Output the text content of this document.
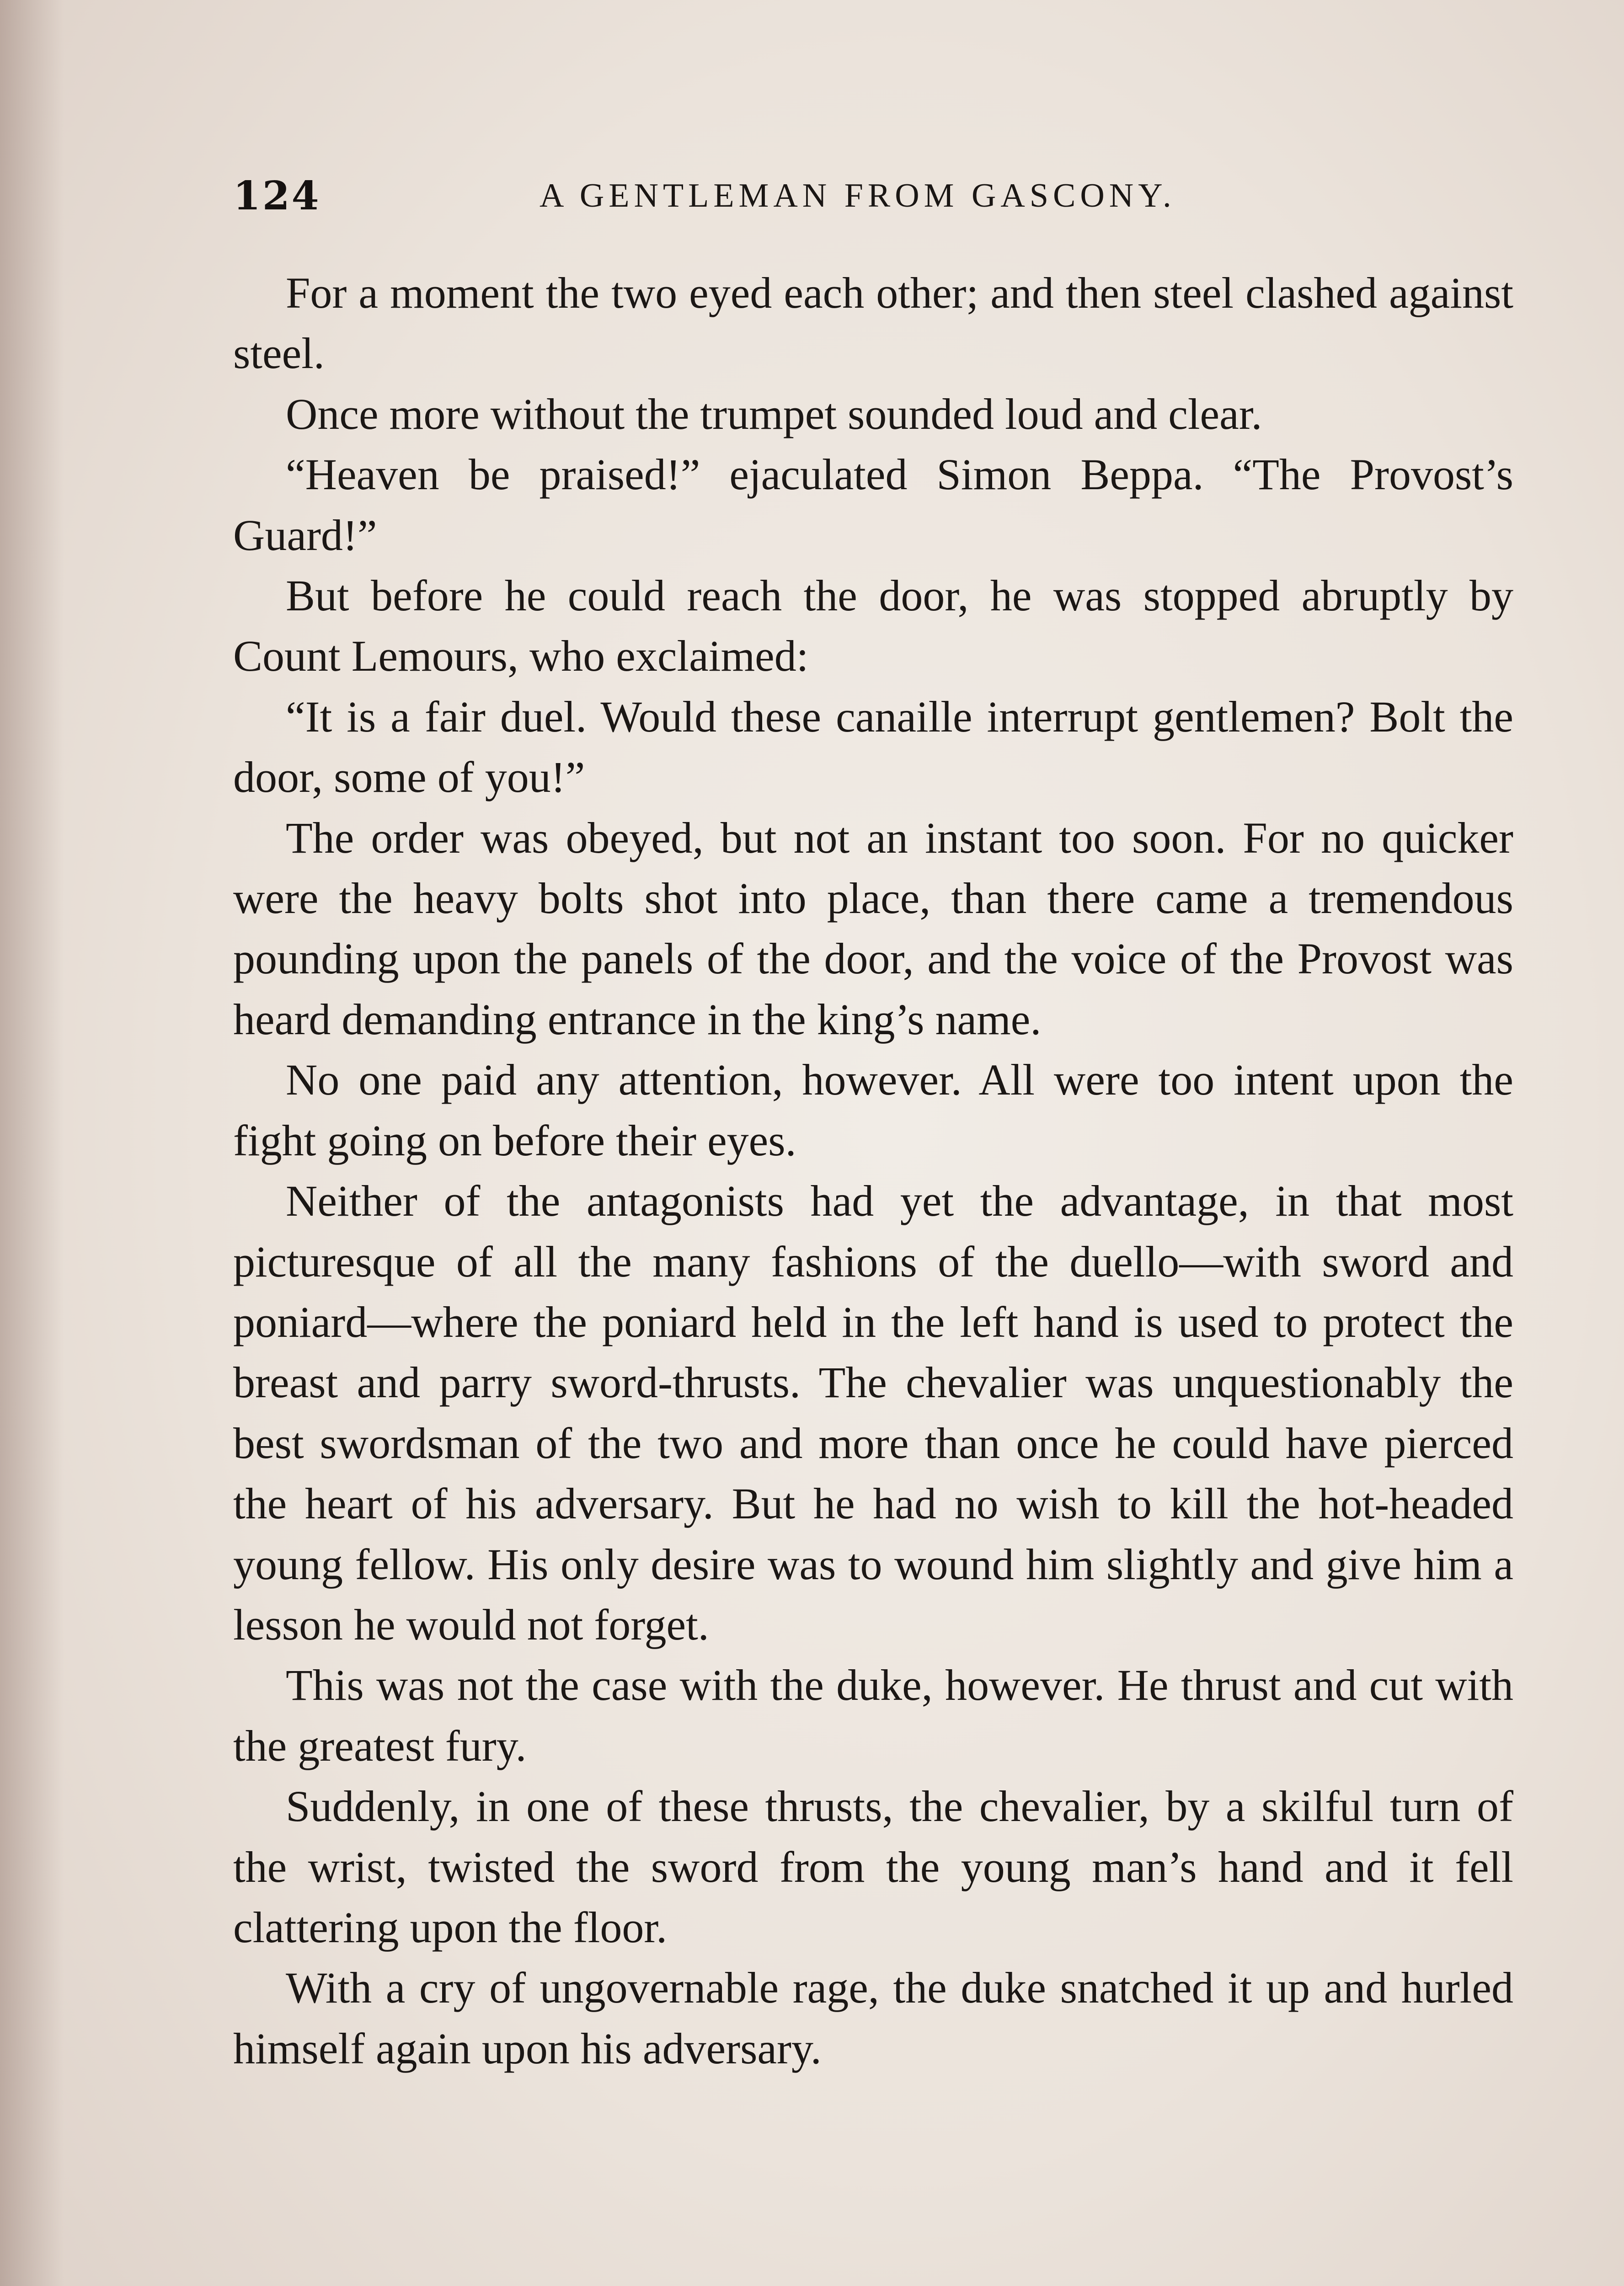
124	A GENTLEMAN FROM GASCONY.

For a moment the two eyed each other; and then steel clashed against steel.

Once more without the trumpet sounded loud and clear.

“Heaven be praised!” ejaculated Simon Beppa. “The Provost’s Guard!”

But before he could reach the door, he was stopped abruptly by Count Lemours, who exclaimed:

“It is a fair duel. Would these canaille interrupt gentlemen? Bolt the door, some of you!”

The order was obeyed, but not an instant too soon. For no quicker were the heavy bolts shot into place, than there came a tremendous pounding upon the panels of the door, and the voice of the Provost was heard demanding entrance in the king’s name.

No one paid any attention, however. All were too intent upon the fight going on before their eyes.

Neither of the antagonists had yet the advantage, in that most picturesque of all the many fashions of the duello—with sword and poniard—where the poniard held in the left hand is used to protect the breast and parry sword-thrusts. The chevalier was unquestionably the best swordsman of the two and more than once he could have pierced the heart of his adversary. But he had no wish to kill the hot-headed young fellow. His only desire was to wound him slightly and give him a lesson he would not forget.

This was not the case with the duke, however. He thrust and cut with the greatest fury.

Suddenly, in one of these thrusts, the chevalier, by a skilful turn of the wrist, twisted the sword from the young man’s hand and it fell clattering upon the floor.

With a cry of ungovernable rage, the duke snatched it up and hurled himself again upon his adversary.
